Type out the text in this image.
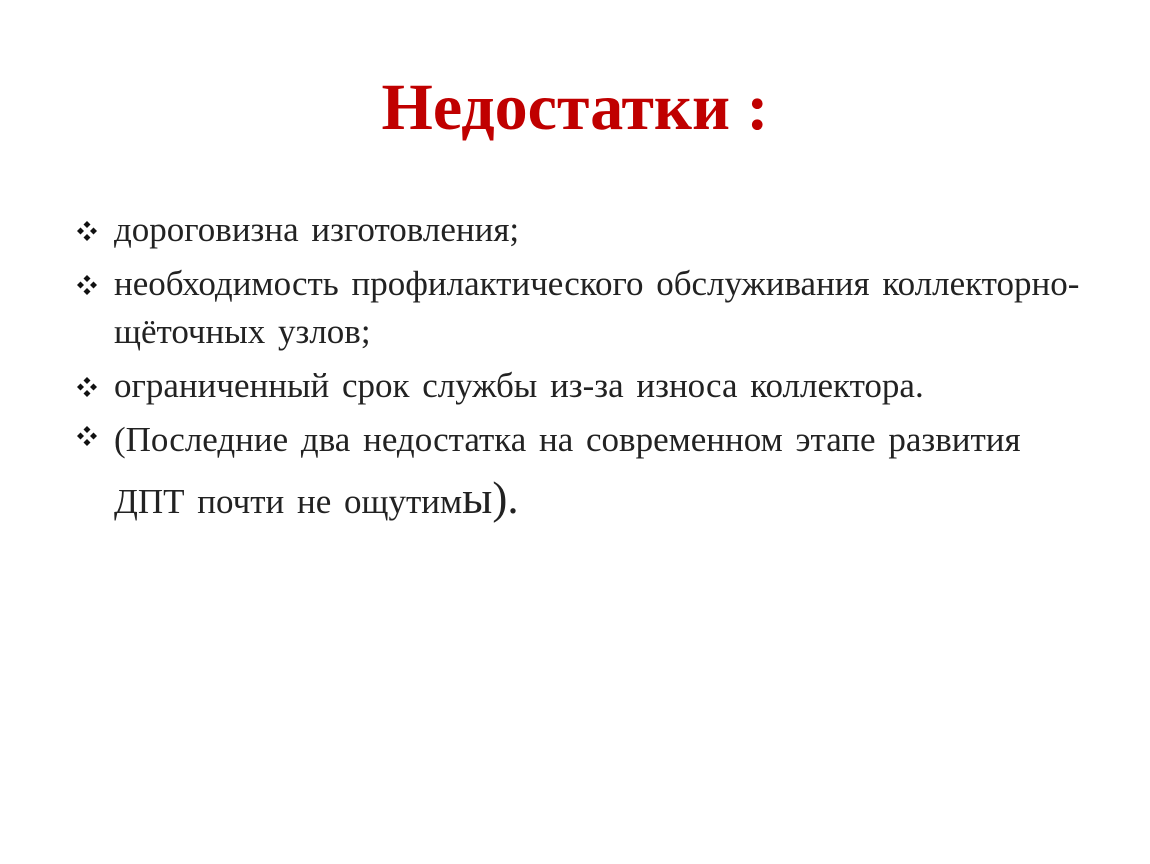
Недостатки :
дороговизна изготовления;
необходимость профилактического обслуживания коллекторно-щёточных узлов;
ограниченный срок службы из-за износа коллектора.
(Последние два недостатка на современном этапе развития ДПТ почти не ощутимы).
